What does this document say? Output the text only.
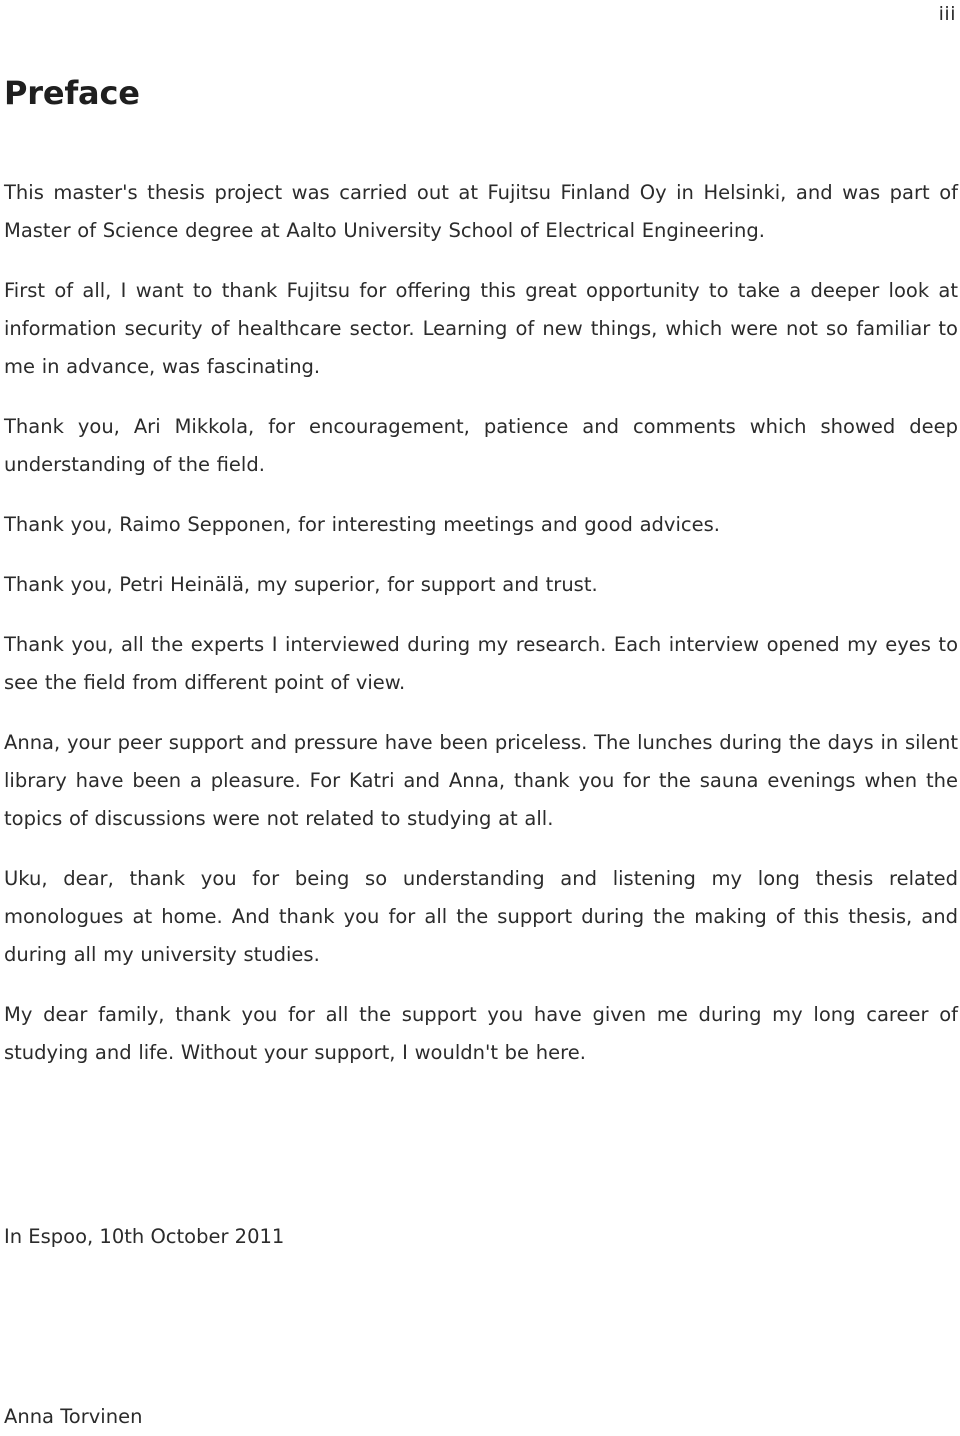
iii
Preface

This master's thesis project was carried out at Fujitsu Finland Oy in Helsinki, and was part of Master of Science degree at Aalto University School of Electrical Engineering.

First of all, I want to thank Fujitsu for offering this great opportunity to take a deeper look at information security of healthcare sector. Learning of new things, which were not so familiar to me in advance, was fascinating.

Thank you, Ari Mikkola, for encouragement, patience and comments which showed deep understanding of the field.

Thank you, Raimo Sepponen, for interesting meetings and good advices.

Thank you, Petri Heinälä, my superior, for support and trust.

Thank you, all the experts I interviewed during my research. Each interview opened my eyes to see the field from different point of view.

Anna, your peer support and pressure have been priceless. The lunches during the days in silent library have been a pleasure. For Katri and Anna, thank you for the sauna evenings when the topics of discussions were not related to studying at all.

Uku, dear, thank you for being so understanding and listening my long thesis related monologues at home. And thank you for all the support during the making of this thesis, and during all my university studies.

My dear family, thank you for all the support you have given me during my long career of studying and life. Without your support, I wouldn't be here.

In Espoo, 10th October 2011

Anna Torvinen
